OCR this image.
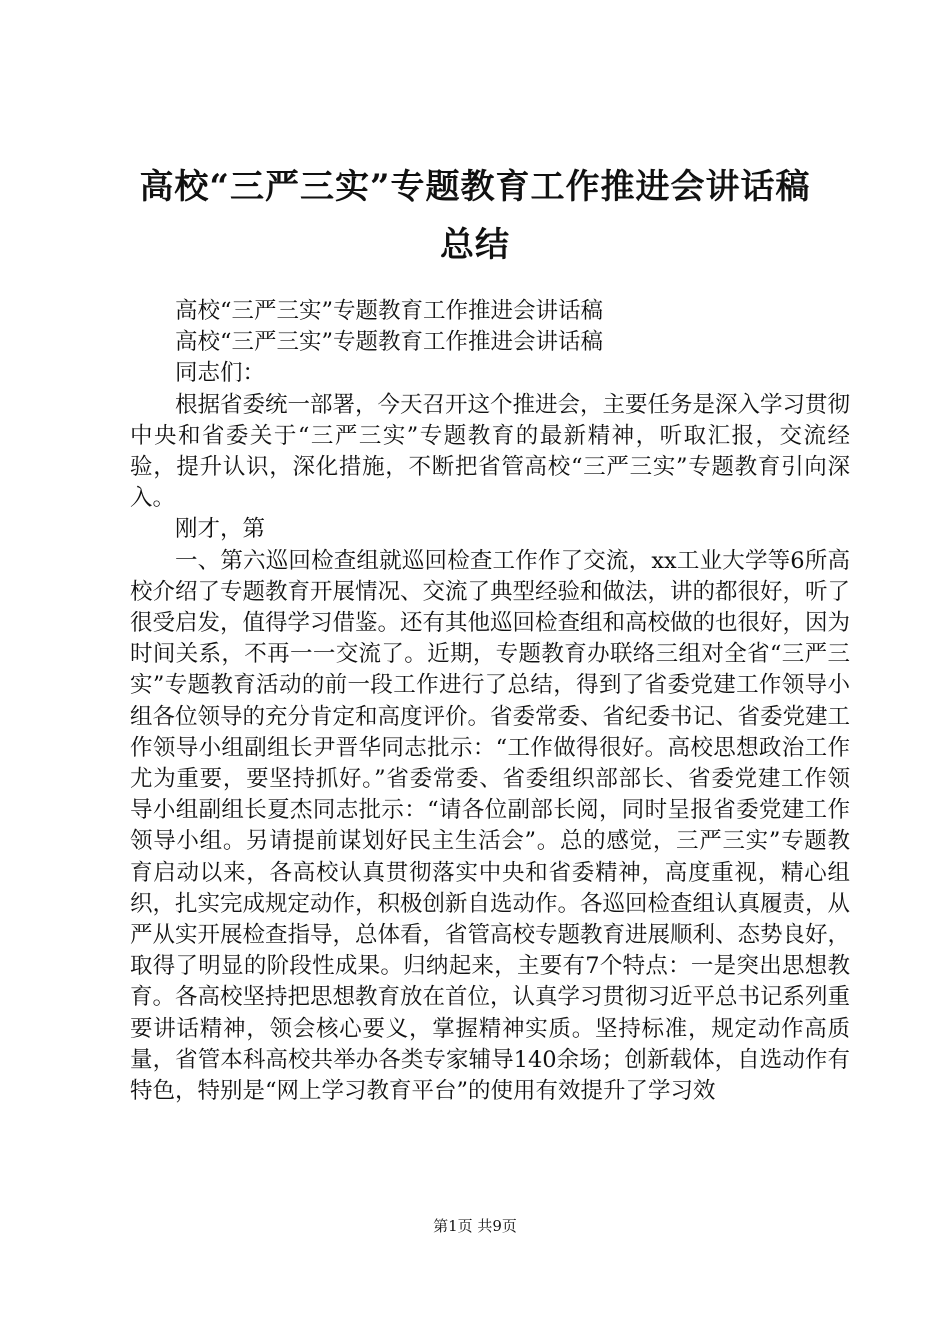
高校“三严三实”专题教育工作推进会讲话稿
总结

高校“三严三实”专题教育工作推进会讲话稿

高校“三严三实”专题教育工作推进会讲话稿

同志们：

根据省委统一部署，今天召开这个推进会，主要任务是深入学习贯彻中央和省委关于“三严三实”专题教育的最新精神，听取汇报，交流经验，提升认识，深化措施，不断把省管高校“三严三实”专题教育引向深入。

刚才，第

一、第六巡回检查组就巡回检查工作作了交流，xx工业大学等6所高校介绍了专题教育开展情况、交流了典型经验和做法，讲的都很好，听了很受启发，值得学习借鉴。还有其他巡回检查组和高校做的也很好，因为时间关系，不再一一交流了。近期，专题教育办联络三组对全省“三严三实”专题教育活动的前一段工作进行了总结，得到了省委党建工作领导小组各位领导的充分肯定和高度评价。省委常委、省纪委书记、省委党建工作领导小组副组长尹晋华同志批示：“工作做得很好。高校思想政治工作尤为重要，要坚持抓好。”省委常委、省委组织部部长、省委党建工作领导小组副组长夏杰同志批示：“请各位副部长阅，同时呈报省委党建工作领导小组。另请提前谋划好民主生活会”。总的感觉，三严三实”专题教育启动以来，各高校认真贯彻落实中央和省委精神，高度重视，精心组织，扎实完成规定动作，积极创新自选动作。各巡回检查组认真履责，从严从实开展检查指导，总体看，省管高校专题教育进展顺利、态势良好，取得了明显的阶段性成果。归纳起来，主要有7个特点：一是突出思想教育。各高校坚持把思想教育放在首位，认真学习贯彻习近平总书记系列重要讲话精神，领会核心要义，掌握精神实质。坚持标准，规定动作高质量，省管本科高校共举办各类专家辅导140余场；创新载体，自选动作有特色，特别是“网上学习教育平台”的使用有效提升了学习效

第1页 共9页
